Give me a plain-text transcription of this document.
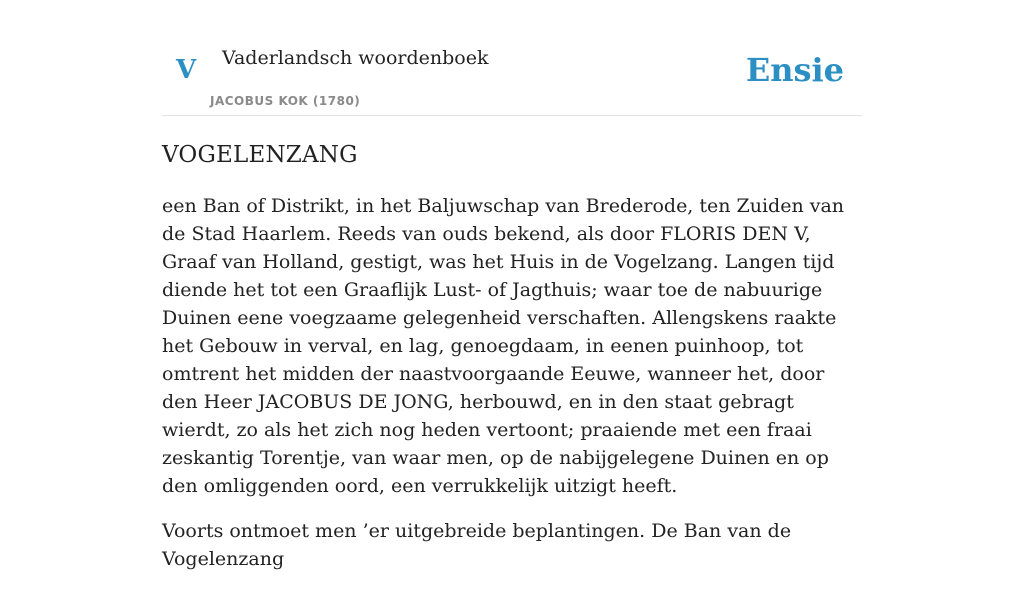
V Vaderlandsch woordenboek
JACOBUS KOK (1780)
Ensie
VOGELENZANG

een Ban of Distrikt, in het Baljuwschap van Brederode, ten Zuiden van de Stad Haarlem. Reeds van ouds bekend, als door FLORIS DEN V, Graaf van Holland, gestigt, was het Huis in de Vogelzang. Langen tijd diende het tot een Graaflijk Lust- of Jagthuis; waar toe de nabuurige Duinen eene voegzaame gelegenheid verschaften. Allengskens raakte het Gebouw in verval, en lag, genoegdaam, in eenen puinhoop, tot omtrent het midden der naastvoorgaande Eeuwe, wanneer het, door den Heer JACOBUS DE JONG, herbouwd, en in den staat gebragt wierdt, zo als het zich nog heden vertoont; praaiende met een fraai zeskantig Torentje, van waar men, op de nabijgelegene Duinen en op den omliggenden oord, een verrukkelijk uitzigt heeft.

Voorts ontmoet men ’er uitgebreide beplantingen. De Ban van de Vogelenzang
